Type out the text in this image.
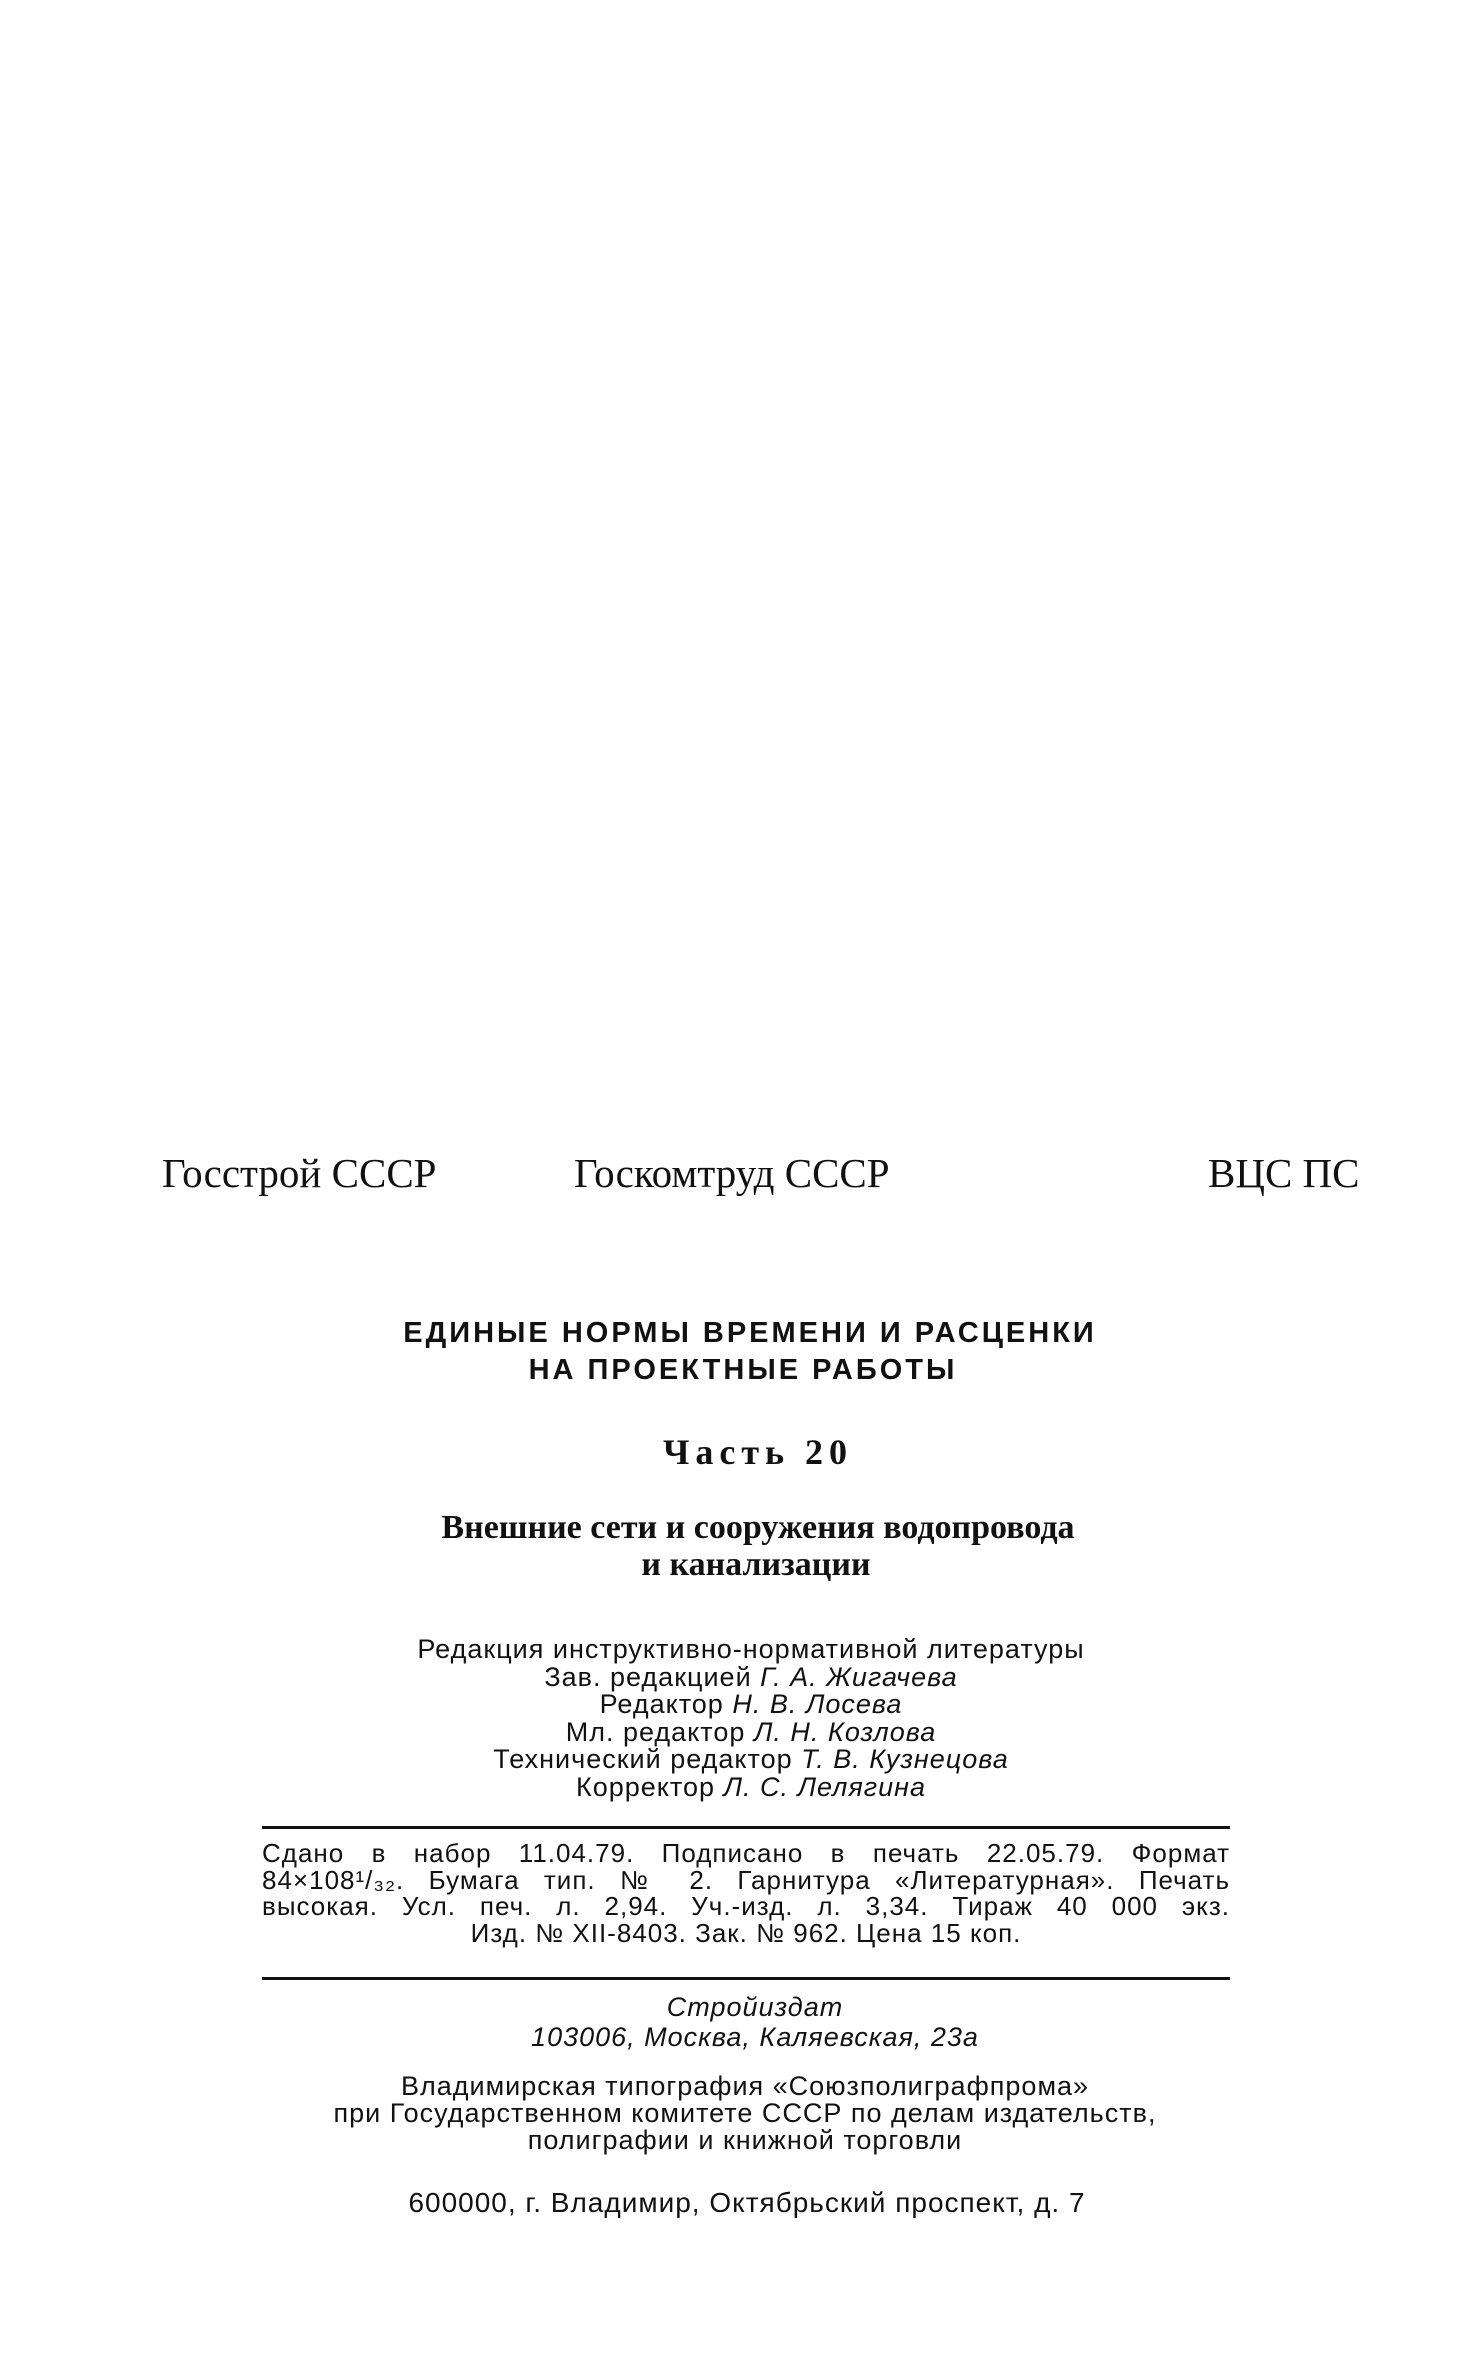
Госстрой СССР	Госкомтруд СССР	ВЦС ПС
ЕДИНЫЕ НОРМЫ ВРЕМЕНИ И РАСЦЕНКИ
НА ПРОЕКТНЫЕ РАБОТЫ
Часть 20
Внешние сети и сооружения водопровода
и канализации
Редакция инструктивно-нормативной литературы
Зав. редакцией Г. А. Жигачева
Редактор Н. В. Лосева
Мл. редактор Л. Н. Козлова
Технический редактор Т. В. Кузнецова
Корректор Л. С. Лелягина
Сдано в набор 11.04.79. Подписано в печать 22.05.79. Формат
84×108¹/₃₂. Бумага тип. № 2. Гарнитура «Литературная». Печать
высокая. Усл. печ. л. 2,94. Уч.-изд. л. 3,34. Тираж 40 000 экз.
Изд. № XII-8403. Зак. № 962. Цена 15 коп.
Стройиздат
103006, Москва, Каляевская, 23а
Владимирская типография «Союзполиграфпрома»
при Государственном комитете СССР по делам издательств,
полиграфии и книжной торговли
600000, г. Владимир, Октябрьский проспект, д. 7
